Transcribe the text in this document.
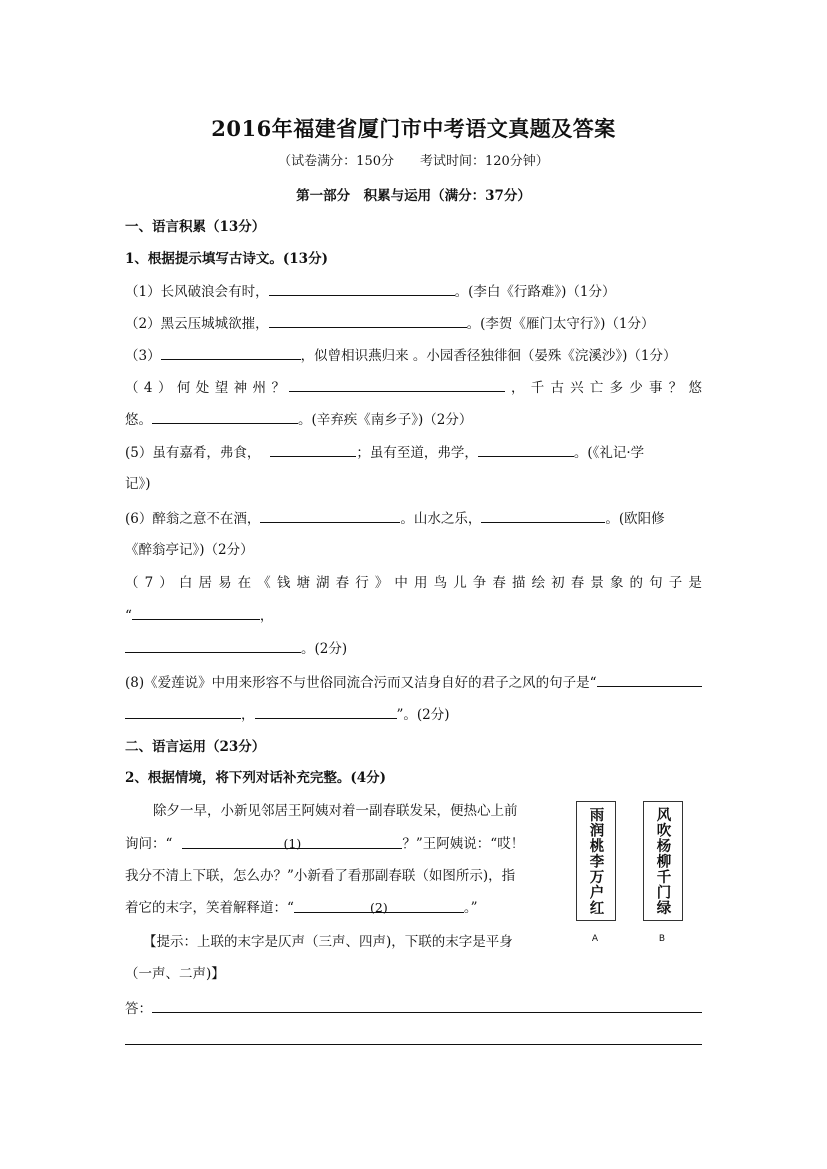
2016年福建省厦门市中考语文真题及答案
（试卷满分：150分　　考试时间：120分钟）
第一部分　积累与运用（满分：37分）
一、语言积累（13分）
1、根据提示填写古诗文。(13分)
（1）长风破浪会有时，	。(李白《行路难》)（1分）
（2）黑云压城城欲摧，	。(李贺《雁门太守行》)（1分）
（3）	，似曾相识燕归来 。小园香径独徘徊（晏殊《浣溪沙》)（1分）
（ 4 ） 何 处 望 神 州 ？	， 千 古 兴 亡 多 少 事 ？ 悠
悠。	。(辛弃疾《南乡子》)（2分）
(5）虽有嘉肴，弗食，	；虽有至道，弗学，	。(《礼记·学
记》)
(6）醉翁之意不在酒，	。山水之乐，	。(欧阳修
《醉翁亭记》)（2分）
（ 7 ） 白 居 易 在 《 钱 塘 湖 春 行 》 中 用 鸟 儿 争 春 描 绘 初 春 景 象 的 句 子 是
“	，
。(2分)
(8)《爱莲说》中用来形容不与世俗同流合污而又洁身自好的君子之风的句子是“
，	”。(2分)
二、语言运用（23分）
2、根据情境，将下列对话补充完整。(4分)
除夕一早，小新见邻居王阿姨对着一副春联发呆，便热心上前
询问：“	(1)	？”王阿姨说：“哎！
我分不清上下联，怎么办？”小新看了看那副春联（如图所示)，指
着它的末字，笑着解释道：“	(2)	。”
【提示：上联的末字是仄声（三声、四声)，下联的末字是平身
（一声、二声)】
雨润桃李万户红
A
风吹杨柳千门绿
B
答：
